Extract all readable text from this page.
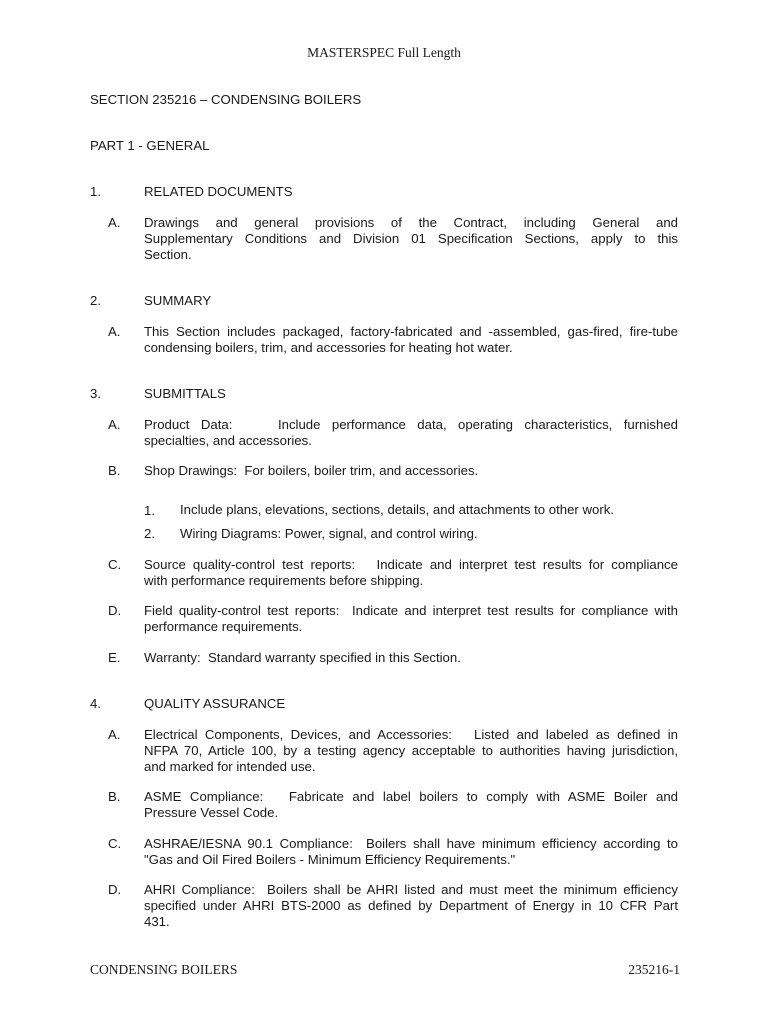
MASTERSPEC Full Length
SECTION 235216 – CONDENSING BOILERS
PART 1 - GENERAL
1.	RELATED DOCUMENTS
A. Drawings and general provisions of the Contract, including General and
Supplementary Conditions and Division 01 Specification Sections, apply to this
Section.
2.	SUMMARY
A. This Section includes packaged, factory-fabricated and -assembled, gas-fired, fire-tube
condensing boilers, trim, and accessories for heating hot water.
3.	SUBMITTALS
A. Product Data:    Include performance data, operating characteristics, furnished
specialties, and accessories.
B. Shop Drawings:  For boilers, boiler trim, and accessories.
1. Include plans, elevations, sections, details, and attachments to other work.
2. Wiring Diagrams: Power, signal, and control wiring.
C. Source quality-control test reports:   Indicate and interpret test results for compliance
with performance requirements before shipping.
D. Field quality-control test reports:  Indicate and interpret test results for compliance with
performance requirements.
E. Warranty:  Standard warranty specified in this Section.
4.	QUALITY ASSURANCE
A. Electrical Components, Devices, and Accessories:   Listed and labeled as defined in
NFPA 70, Article 100, by a testing agency acceptable to authorities having jurisdiction,
and marked for intended use.
B. ASME Compliance:   Fabricate and label boilers to comply with ASME Boiler and
Pressure Vessel Code.
C. ASHRAE/IESNA 90.1 Compliance:  Boilers shall have minimum efficiency according to
"Gas and Oil Fired Boilers - Minimum Efficiency Requirements."
D. AHRI Compliance:  Boilers shall be AHRI listed and must meet the minimum efficiency
specified under AHRI BTS-2000 as defined by Department of Energy in 10 CFR Part
431.
CONDENSING BOILERS	235216-1
